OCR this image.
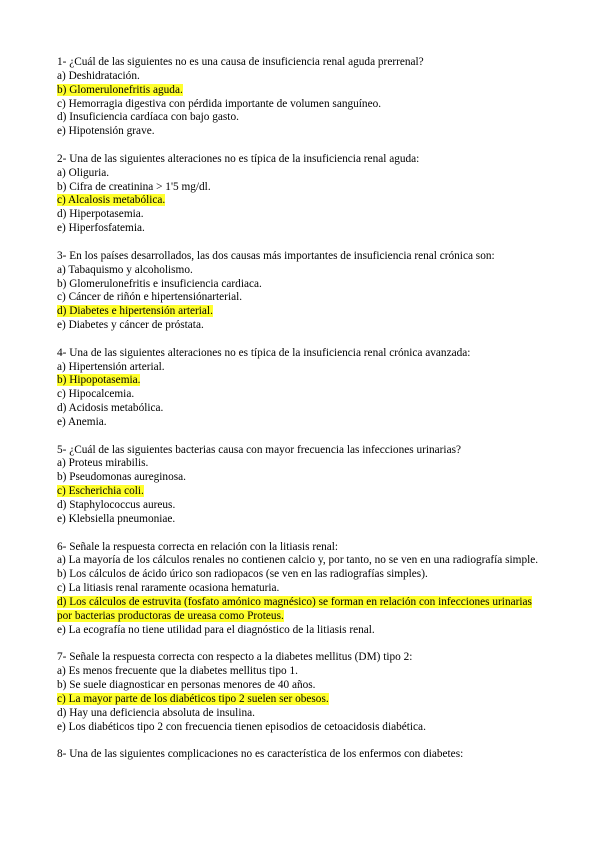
1- ¿Cuál de las siguientes no es una causa de insuficiencia renal aguda prerrenal?
a) Deshidratación.
b) Glomerulonefritis aguda.
c) Hemorragia digestiva con pérdida importante de volumen sanguíneo.
d) Insuficiencia cardíaca con bajo gasto.
e) Hipotensión grave.
2- Una de las siguientes alteraciones no es típica de la insuficiencia renal aguda:
a) Oliguria.
b) Cifra de creatinina > 1'5 mg/dl.
c) Alcalosis metabólica.
d) Hiperpotasemia.
e) Hiperfosfatemia.
3- En los países desarrollados, las dos causas más importantes de insuficiencia renal crónica son:
a) Tabaquismo y alcoholismo.
b) Glomerulonefritis e insuficiencia cardiaca.
c) Cáncer de riñón e hipertensiónarterial.
d) Diabetes e hipertensión arterial.
e) Diabetes y cáncer de próstata.
4- Una de las siguientes alteraciones no es típica de la insuficiencia renal crónica avanzada:
a) Hipertensión arterial.
b) Hipopotasemia.
c) Hipocalcemia.
d) Acidosis metabólica.
e) Anemia.
5- ¿Cuál de las siguientes bacterias causa con mayor frecuencia las infecciones urinarias?
a) Proteus mirabilis.
b) Pseudomonas aureginosa.
c) Escherichia coli.
d) Staphylococcus aureus.
e) Klebsiella pneumoniae.
6- Señale la respuesta correcta en relación con la litiasis renal:
a) La mayoría de los cálculos renales no contienen calcio y, por tanto, no se ven en una radiografía simple.
b) Los cálculos de ácido úrico son radiopacos (se ven en las radiografías simples).
c) La litiasis renal raramente ocasiona hematuria.
d) Los cálculos de estruvita (fosfato amónico magnésico) se forman en relación con infecciones urinarias por bacterias productoras de ureasa como Proteus.
e) La ecografía no tiene utilidad para el diagnóstico de la litiasis renal.
7- Señale la respuesta correcta con respecto a la diabetes mellitus (DM) tipo 2:
a) Es menos frecuente que la diabetes mellitus tipo 1.
b) Se suele diagnosticar en personas menores de 40 años.
c) La mayor parte de los diabéticos tipo 2 suelen ser obesos.
d) Hay una deficiencia absoluta de insulina.
e) Los diabéticos tipo 2 con frecuencia tienen episodios de cetoacidosis diabética.
8- Una de las siguientes complicaciones no es característica de los enfermos con diabetes:
